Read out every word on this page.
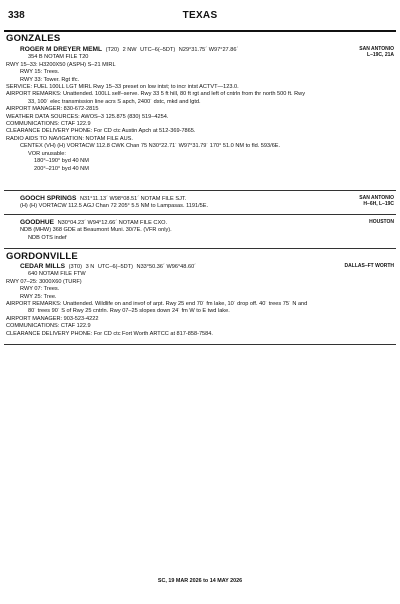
338	TEXAS
GONZALES
SAN ANTONIO
L–19C, 21A
ROGER M DREYER MEML (T20) 2 NW UTC–6(–5DT) N29°31.75´ W97°27.86´
354 B NOTAM FILE T20
RWY 15–33: H3200X50 (ASPH) S–21 MIRL
RWY 15: Trees.
RWY 33: Tower. Rgt tfc.
SERVICE: FUEL 100LL LGT MIRL Rwy 15–33 preset on low intst; to incr intst ACTVT—123.0.
AIRPORT REMARKS: Unattended. 100LL self–serve. Rwy 33 5 ft hill, 80 ft rgt and left of cntrln from thr north 500 ft. Rwy
33, 100´ elec transmission line acrs S apch, 2400´ dstc, mkd and lgtd.
AIRPORT MANAGER: 830-672-2815
WEATHER DATA SOURCES: AWOS–3 125.875 (830) 519–4254.
COMMUNICATIONS: CTAF 122.9
CLEARANCE DELIVERY PHONE: For CD ctc Austin Apch at 512-369-7865.
RADIO AIDS TO NAVIGATION: NOTAM FILE AUS.
CENTEX (VH) (H) VORTACW 112.8 CWK Chan 75 N30°22.71´ W97°31.79´ 170° 51.0 NM to fld. 593/6E.
VOR unusable:
180°–190° byd 40 NM
200°–210° byd 40 NM
SAN ANTONIO
H–6H, L–19C
GOOCH SPRINGS N31°11.13´ W98°08.51´ NOTAM FILE SJT.
(H) (H) VORTACW 112.5 AGJ Chan 72 205° 5.5 NM to Lampasas. 1191/5E.
HOUSTON
GOODHUE N30°04.23´ W94°12.66´ NOTAM FILE CXO.
NDB (MHW) 368 GDE at Beaumont Muni. 30/7E. (VFR only).
NDB OTS indef
GORDONVILLE
DALLAS–FT WORTH
CEDAR MILLS (3T0) 3 N UTC–6(–5DT) N33°50.36´ W96°48.60´
640 NOTAM FILE FTW
RWY 07–25: 3000X60 (TURF)
RWY 07: Trees.
RWY 25: Tree.
AIRPORT REMARKS: Unattended. Wildlife on and invof of arpt. Rwy 25 end 70´ fm lake, 10´ drop off. 40´ trees 75´ N and
80´ trees 90´ S of Rwy 25 cntrln. Rwy 07–25 slopes down 24´ fm W to E twd lake.
AIRPORT MANAGER: 903-523-4222
COMMUNICATIONS: CTAF 122.9
CLEARANCE DELIVERY PHONE: For CD ctc Fort Worth ARTCC at 817-858-7584.
SC, 19 MAR 2026 to 14 MAY 2026
